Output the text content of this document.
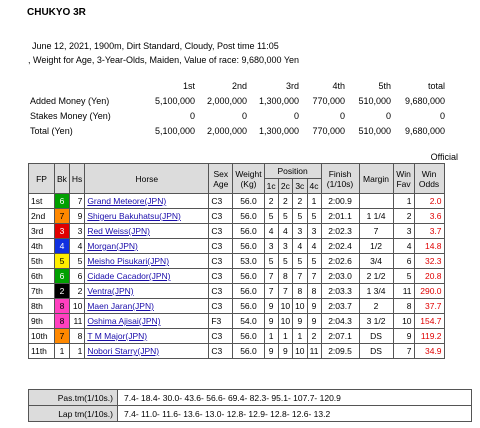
CHUKYO 3R
June 12, 2021, 1900m, Dirt Standard, Cloudy, Post time 11:05
, Weight for Age, 3-Year-Olds, Maiden, Value of race: 9,680,000 Yen
	1st	2nd	3rd	4th	5th	total
Added Money (Yen)	5,100,000	2,000,000	1,300,000	770,000	510,000	9,680,000
Stakes Money (Yen)	0	0	0	0	0	0
Total (Yen)	5,100,000	2,000,000	1,300,000	770,000	510,000	9,680,000
Official
FP	Bk	Hs	Horse	Sex Age	Weight (Kg)	Position				Finish (1/10s)	Margin	Win Fav	Win Odds
						1c	2c	3c	4c				
1st	6	7	Grand Meteore(JPN)	C3	56.0	2	2	2	1	2:00.9		1	2.0
2nd	7	9	Shigeru Bakuhatsu(JPN)	C3	56.0	5	5	5	5	2:01.1	1 1/4	2	3.6
3rd	3	3	Red Weiss(JPN)	C3	56.0	4	4	3	3	2:02.3	7	3	3.7
4th	4	4	Morgan(JPN)	C3	56.0	3	3	4	4	2:02.4	1/2	4	14.8
5th	5	5	Meisho Pisukari(JPN)	C3	53.0	5	5	5	5	2:02.6	3/4	6	32.3
6th	6	6	Cidade Cacador(JPN)	C3	56.0	7	8	7	7	2:03.0	2 1/2	5	20.8
7th	2	2	Ventra(JPN)	C3	56.0	7	7	8	8	2:03.3	1 3/4	11	290.0
8th	8	10	Maen Jaran(JPN)	C3	56.0	9	10	10	9	2:03.7	2	8	37.7
9th	8	11	Oshima Ajisai(JPN)	F3	54.0	9	10	9	9	2:04.3	3 1/2	10	154.7
10th	7	8	T M Major(JPN)	C3	56.0	1	1	1	2	2:07.1	DS	9	119.2
11th	1	1	Nobori Starry(JPN)	C3	56.0	9	9	10	11	2:09.5	DS	7	34.9
Pas.tm(1/10s.)	7.4- 18.4- 30.0- 43.6- 56.6- 69.4- 82.3- 95.1- 107.7- 120.9
Lap tm(1/10s.)	7.4- 11.0- 11.6- 13.6- 13.0- 12.8- 12.9- 12.8- 12.6- 13.2
